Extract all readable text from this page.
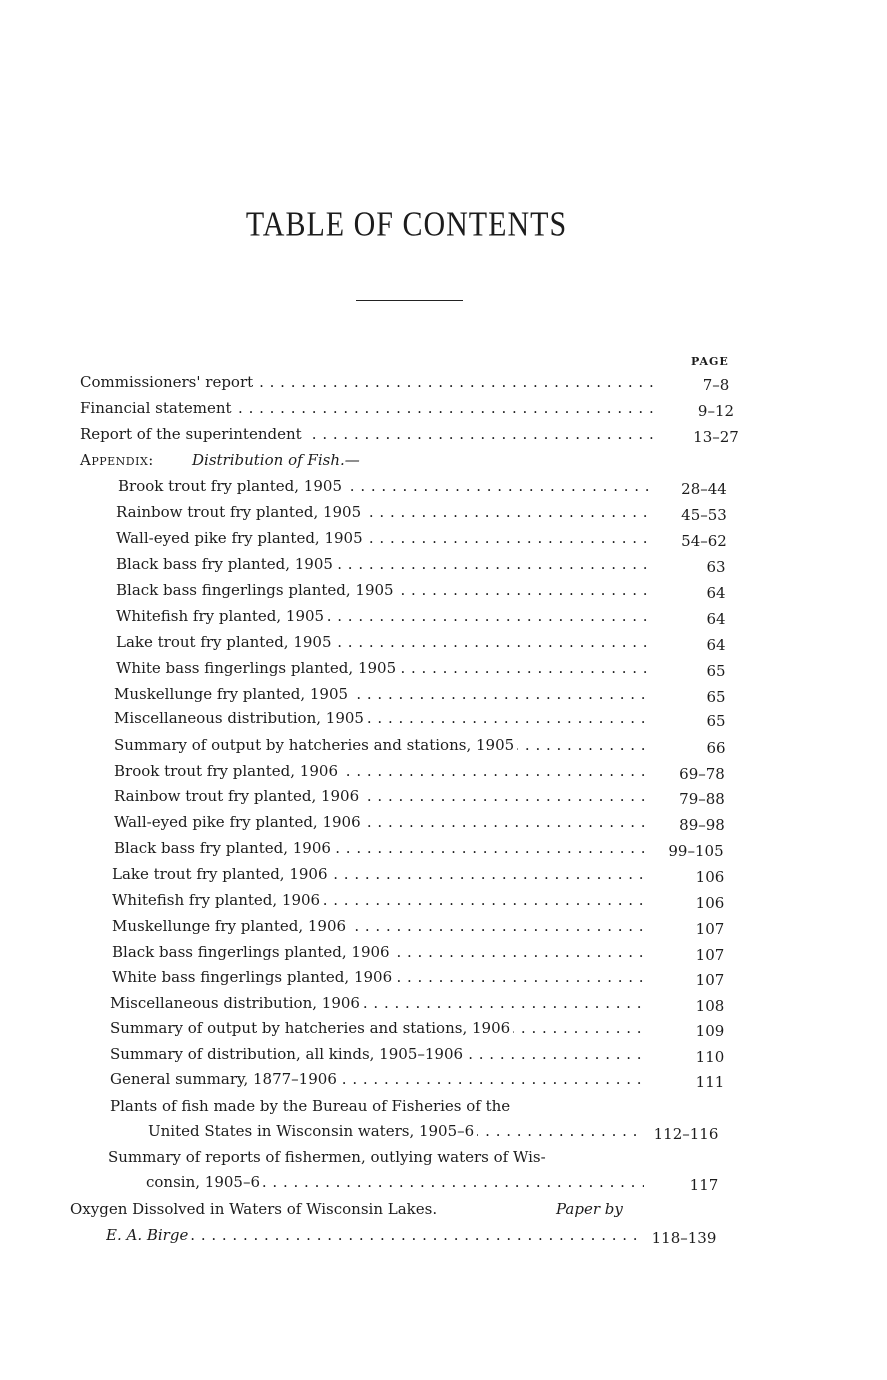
TABLE OF CONTENTS
PAGE
Commissioners' report . . .	7–8
Financial statement . . .	9–12
Report of the superintendent . . .	13–27
Appendix:	Distribution of Fish.—
Brook trout fry planted, 1905 . . .	28–44
Rainbow trout fry planted, 1905 . . .	45–53
Wall-eyed pike fry planted, 1905 . . .	54–62
Black bass fry planted, 1905 . . .	63
Black bass fingerlings planted, 1905 . . .	64
Whitefish fry planted, 1905 . . .	64
Lake trout fry planted, 1905 . . .	64
White bass fingerlings planted, 1905 . . .	65
Muskellunge fry planted, 1905 . . .	65
Miscellaneous distribution, 1905 . . .	65
Summary of output by hatcheries and stations, 1905 . . .	66
Brook trout fry planted, 1906 . . .	69–78
Rainbow trout fry planted, 1906 . . .	79–88
Wall-eyed pike fry planted, 1906 . . .	89–98
Black bass fry planted, 1906 . . .	99–105
Lake trout fry planted, 1906 . . .	106
Whitefish fry planted, 1906 . . .	106
Muskellunge fry planted, 1906 . . .	107
Black bass fingerlings planted, 1906 . . .	107
White bass fingerlings planted, 1906 . . .	107
Miscellaneous distribution, 1906 . . .	108
Summary of output by hatcheries and stations, 1906 . . .	109
Summary of distribution, all kinds, 1905–1906 . . .	110
General summary, 1877–1906 . . .	111
Plants of fish made by the Bureau of Fisheries of the
United States in Wisconsin waters, 1905–6 . . .	112–116
Summary of reports of fishermen, outlying waters of Wis-
consin, 1905–6 . . .	117
Oxygen Dissolved in Waters of Wisconsin Lakes.	Paper by
E. A. Birge . . .	118–139
